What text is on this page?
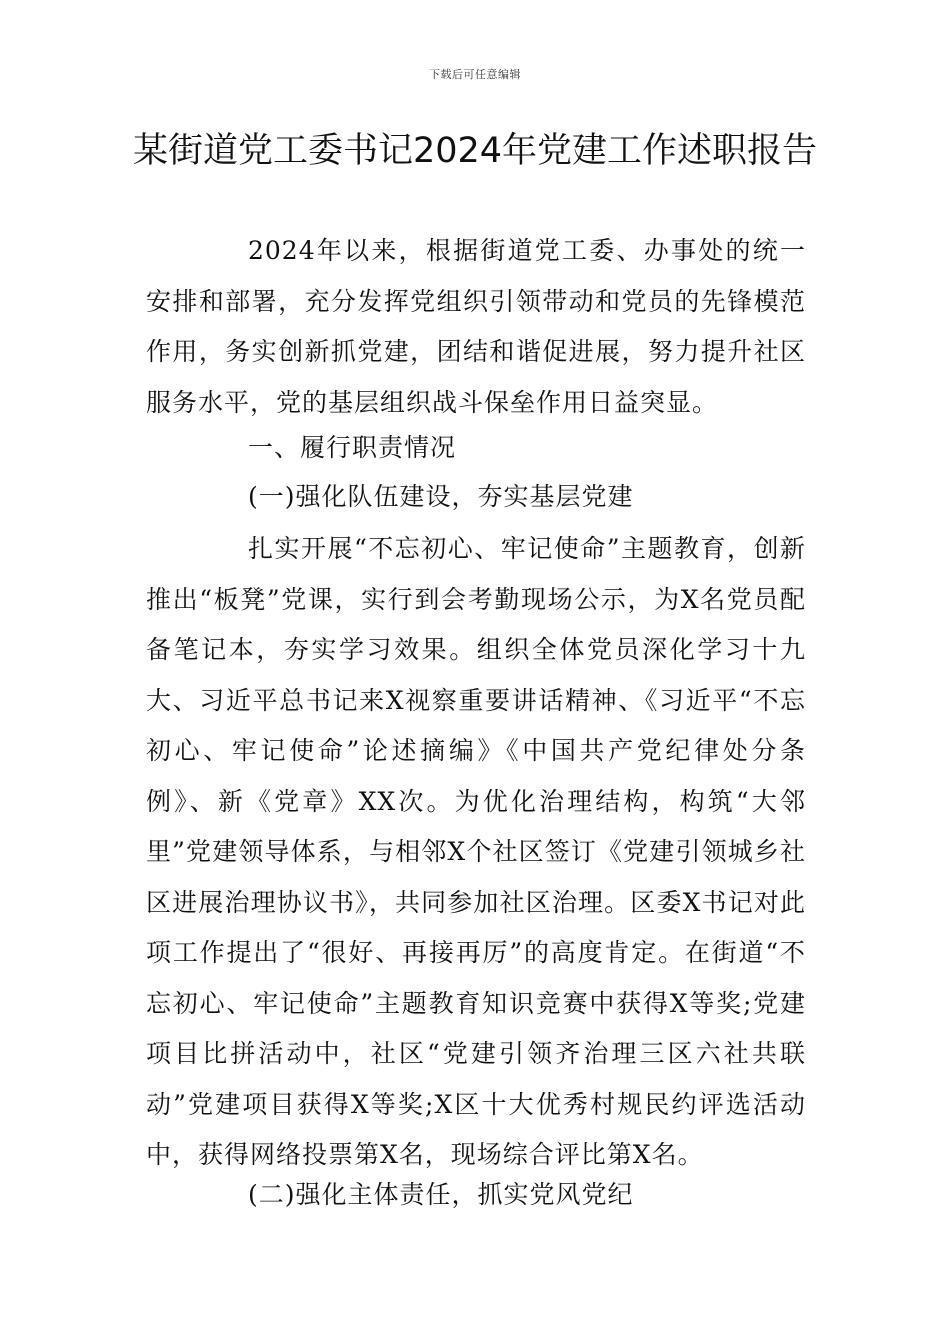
下载后可任意编辑
某街道党工委书记2024年党建工作述职报告

2024年以来，根据街道党工委、办事处的统一安排和部署，充分发挥党组织引领带动和党员的先锋模范作用，务实创新抓党建，团结和谐促进展，努力提升社区服务水平，党的基层组织战斗保垒作用日益突显。

一、履行职责情况

(一)强化队伍建设，夯实基层党建

扎实开展“不忘初心、牢记使命”主题教育，创新推出“板凳”党课，实行到会考勤现场公示，为X名党员配备笔记本，夯实学习效果。组织全体党员深化学习十九大、习近平总书记来X视察重要讲话精神、《习近平“不忘初心、牢记使命”论述摘编》《中国共产党纪律处分条例》、新《党章》XX次。为优化治理结构，构筑“大邻里”党建领导体系，与相邻X个社区签订《党建引领城乡社区进展治理协议书》，共同参加社区治理。区委X书记对此项工作提出了“很好、再接再厉”的高度肯定。在街道“不忘初心、牢记使命”主题教育知识竞赛中获得X等奖;党建项目比拼活动中，社区“党建引领齐治理三区六社共联动”党建项目获得X等奖;X区十大优秀村规民约评选活动中，获得网络投票第X名，现场综合评比第X名。

(二)强化主体责任，抓实党风党纪
